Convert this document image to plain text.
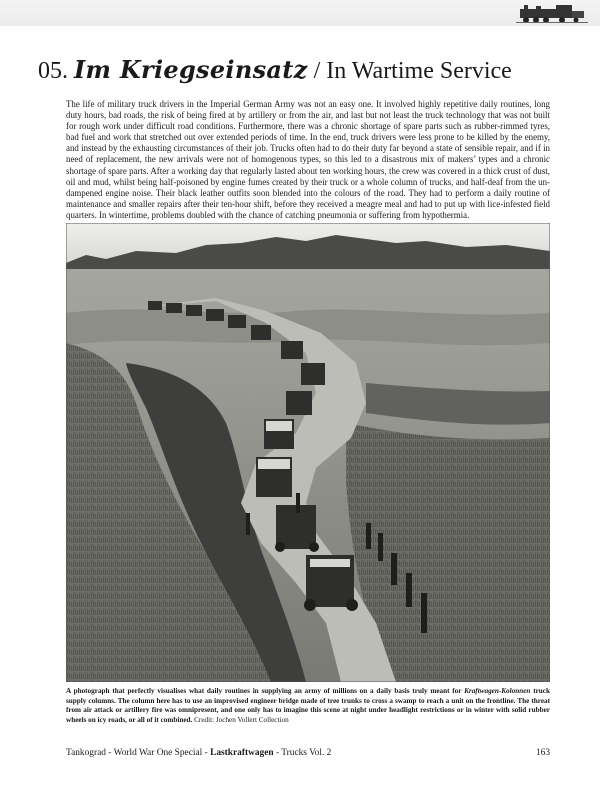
05. Im Kriegseinsatz / In Wartime Service

The life of military truck drivers in the Imperial German Army was not an easy one. It involved highly repetitive daily routines, long duty hours, bad roads, the risk of being fired at by artillery or from the air, and last but not least the truck technology that was not built for rough work under difficult road conditions. Furthermore, there was a chronic shortage of spare parts such as rubber-rimmed tyres, bad fuel and work that stretched out over extended periods of time. In the end, truck drivers were less prone to be killed by the enemy, and instead by the exhausting circumstances of their job. Trucks often had to do their duty far beyond a state of sensible repair, and if in need of replacement, the new arrivals were not of homogenous types, so this led to a disastrous mix of makers’ types and a chronic shortage of spare parts. After a working day that regularly lasted about ten working hours, the crew was covered in a thick crust of dust, oil and mud, whilst being half-poisoned by engine fumes created by their truck or a whole column of trucks, and half-deaf from the un-dampened engine noise. Their black leather outfits soon blended into the colours of the road. They had to perform a daily routine of maintenance and smaller repairs after their ten-hour shift, before they received a meagre meal and had to put up with lice-infested field quarters. In wintertime, problems doubled with the chance of catching pneumonia or suffering from hypothermia.

A photograph that perfectly visualises what daily routines in supplying an army of millions on a daily basis truly meant for Kraftwagen-Kolonnen truck supply columns. The column here has to use an improvised engineer bridge made of tree trunks to cross a swamp to reach a unit on the frontline. The threat from air attack or artillery fire was omnipresent, and one only has to imagine this scene at night under headlight restrictions or in winter with solid rubber wheels on icy roads, or all of it combined. Credit: Jochen Vollert Collection

Tankograd - World War One Special - Lastkraftwagen - Trucks Vol. 2	163
